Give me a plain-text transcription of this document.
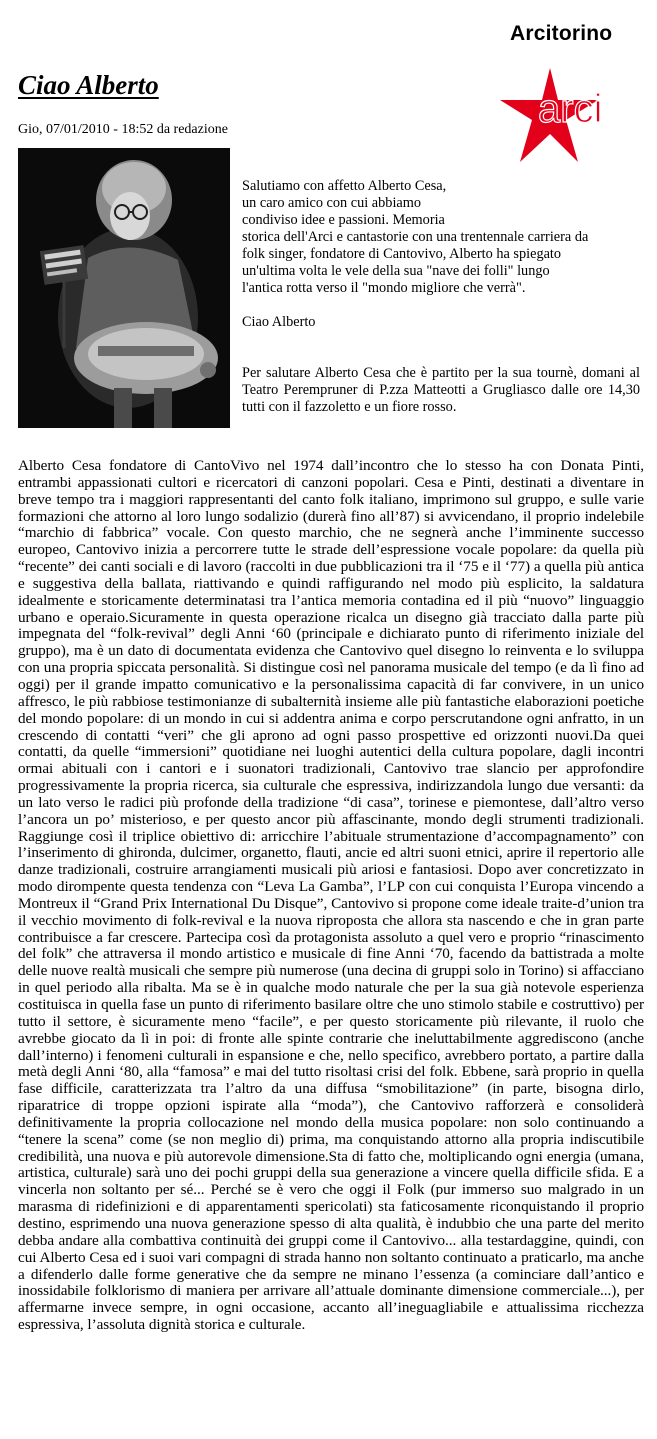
Arcitorino
arci
Ciao Alberto
Gio, 07/01/2010 - 18:52 da redazione

Salutiamo con affetto Alberto Cesa,

un caro amico con cui abbiamo

condiviso idee e passioni. Memoria

storica dell'Arci e cantastorie con una trentennale carriera da

folk singer, fondatore di Cantovivo, Alberto ha spiegato

un'ultima volta le vele della sua "nave dei folli" lungo

l'antica rotta verso il "mondo migliore che verrà".

Ciao Alberto

Per salutare Alberto Cesa che è partito per la sua tournè, domani al Teatro Perempruner di P.zza Matteotti a Grugliasco dalle ore 14,30 tutti con il fazzoletto e un fiore rosso.

Alberto Cesa fondatore di CantoVivo nel 1974 dall’incontro che lo stesso ha con Donata Pinti, entrambi appassionati cultori e ricercatori di canzoni popolari. Cesa e Pinti, destinati a diventare in breve tempo tra i maggiori rappresentanti del canto folk italiano, imprimono sul gruppo, e sulle varie formazioni che attorno al loro lungo sodalizio (durerà fino all’87) si avvicendano, il proprio indelebile “marchio di fabbrica” vocale. Con questo marchio, che ne segnerà anche l’imminente successo europeo, Cantovivo inizia a percorrere tutte le strade dell’espressione vocale popolare: da quella più “recente” dei canti sociali e di lavoro (raccolti in due pubblicazioni tra il ‘75 e il ‘77) a quella più antica e suggestiva della ballata, riattivando e quindi raffigurando nel modo più esplicito, la saldatura idealmente e storicamente determinatasi tra l’antica memoria contadina ed il più “nuovo” linguaggio urbano e operaio.Sicuramente in questa operazione ricalca un disegno già tracciato dalla parte più impegnata del “folk-revival” degli Anni ‘60 (principale e dichiarato punto di riferimento iniziale del gruppo), ma è un dato di documentata evidenza che Cantovivo quel disegno lo reinventa e lo sviluppa con una propria spiccata personalità. Si distingue così nel panorama musicale del tempo (e da lì fino ad oggi) per il grande impatto comunicativo e la personalissima capacità di far convivere, in un unico affresco, le più rabbiose testimonianze di subalternità insieme alle più fantastiche elaborazioni poetiche del mondo popolare: di un mondo in cui si addentra anima e corpo perscrutandone ogni anfratto, in un crescendo di contatti “veri” che gli aprono ad ogni passo prospettive ed orizzonti nuovi.Da quei contatti, da quelle “immersioni” quotidiane nei luoghi autentici della cultura popolare, dagli incontri ormai abituali con i cantori e i suonatori tradizionali, Cantovivo trae slancio per approfondire progressivamente la propria ricerca, sia culturale che espressiva, indirizzandola lungo due versanti: da un lato verso le radici più profonde della tradizione “di casa”, torinese e piemontese, dall’altro verso l’ancora un po’ misterioso, e per questo ancor più affascinante, mondo degli strumenti tradizionali. Raggiunge così il triplice obiettivo di: arricchire l’abituale strumentazione d’accompagnamento” con l’inserimento di ghironda, dulcimer, organetto, flauti, ancie ed altri suoni etnici, aprire il repertorio alle danze tradizionali, costruire arrangiamenti musicali più ariosi e fantasiosi. Dopo aver concretizzato in modo dirompente questa tendenza con “Leva La Gamba”, l’LP con cui conquista l’Europa vincendo a Montreux il “Grand Prix International Du Disque”, Cantovivo si propone come ideale traite-d’union tra il vecchio movimento di folk-revival e la nuova riproposta che allora sta nascendo e che in gran parte contribuisce a far crescere. Partecipa così da protagonista assoluto a quel vero e proprio “rinascimento del folk” che attraversa il mondo artistico e musicale di fine Anni ‘70, facendo da battistrada a molte delle nuove realtà musicali che sempre più numerose (una decina di gruppi solo in Torino) si affacciano in quel periodo alla ribalta. Ma se è in qualche modo naturale che per la sua già notevole esperienza costituisca in quella fase un punto di riferimento basilare oltre che uno stimolo stabile e costruttivo) per tutto il settore, è sicuramente meno “facile”, e per questo storicamente più rilevante, il ruolo che avrebbe giocato da lì in poi: di fronte alle spinte contrarie che ineluttabilmente aggrediscono (anche dall’interno) i fenomeni culturali in espansione e che, nello specifico, avrebbero portato, a partire dalla metà degli Anni ‘80, alla “famosa” e mai del tutto risoltasi crisi del folk. Ebbene, sarà proprio in quella fase difficile, caratterizzata tra l’altro da una diffusa “smobilitazione” (in parte, bisogna dirlo, riparatrice di troppe opzioni ispirate alla “moda”), che Cantovivo rafforzerà e consoliderà definitivamente la propria collocazione nel mondo della musica popolare: non solo continuando a “tenere la scena” come (se non meglio di) prima, ma conquistando attorno alla propria indiscutibile credibilità, una nuova e più autorevole dimensione.Sta di fatto che, moltiplicando ogni energia (umana, artistica, culturale) sarà uno dei pochi gruppi della sua generazione a vincere quella difficile sfida. E a vincerla non soltanto per sé... Perché se è vero che oggi il Folk (pur immerso suo malgrado in un marasma di ridefinizioni e di apparentamenti spericolati) sta faticosamente riconquistando il proprio destino, esprimendo una nuova generazione spesso di alta qualità, è indubbio che una parte del merito debba andare alla combattiva continuità dei gruppi come il Cantovivo... alla testardaggine, quindi, con cui Alberto Cesa ed i suoi vari compagni di strada hanno non soltanto continuato a praticarlo, ma anche a difenderlo dalle forme generative che da sempre ne minano l’essenza (a cominciare dall’antico e inossidabile folklorismo di maniera per arrivare all’attuale dominante dimensione commerciale...), per affermarne invece sempre, in ogni occasione, accanto all’ineguagliabile e attualissima ricchezza espressiva, l’assoluta dignità storica e culturale.
